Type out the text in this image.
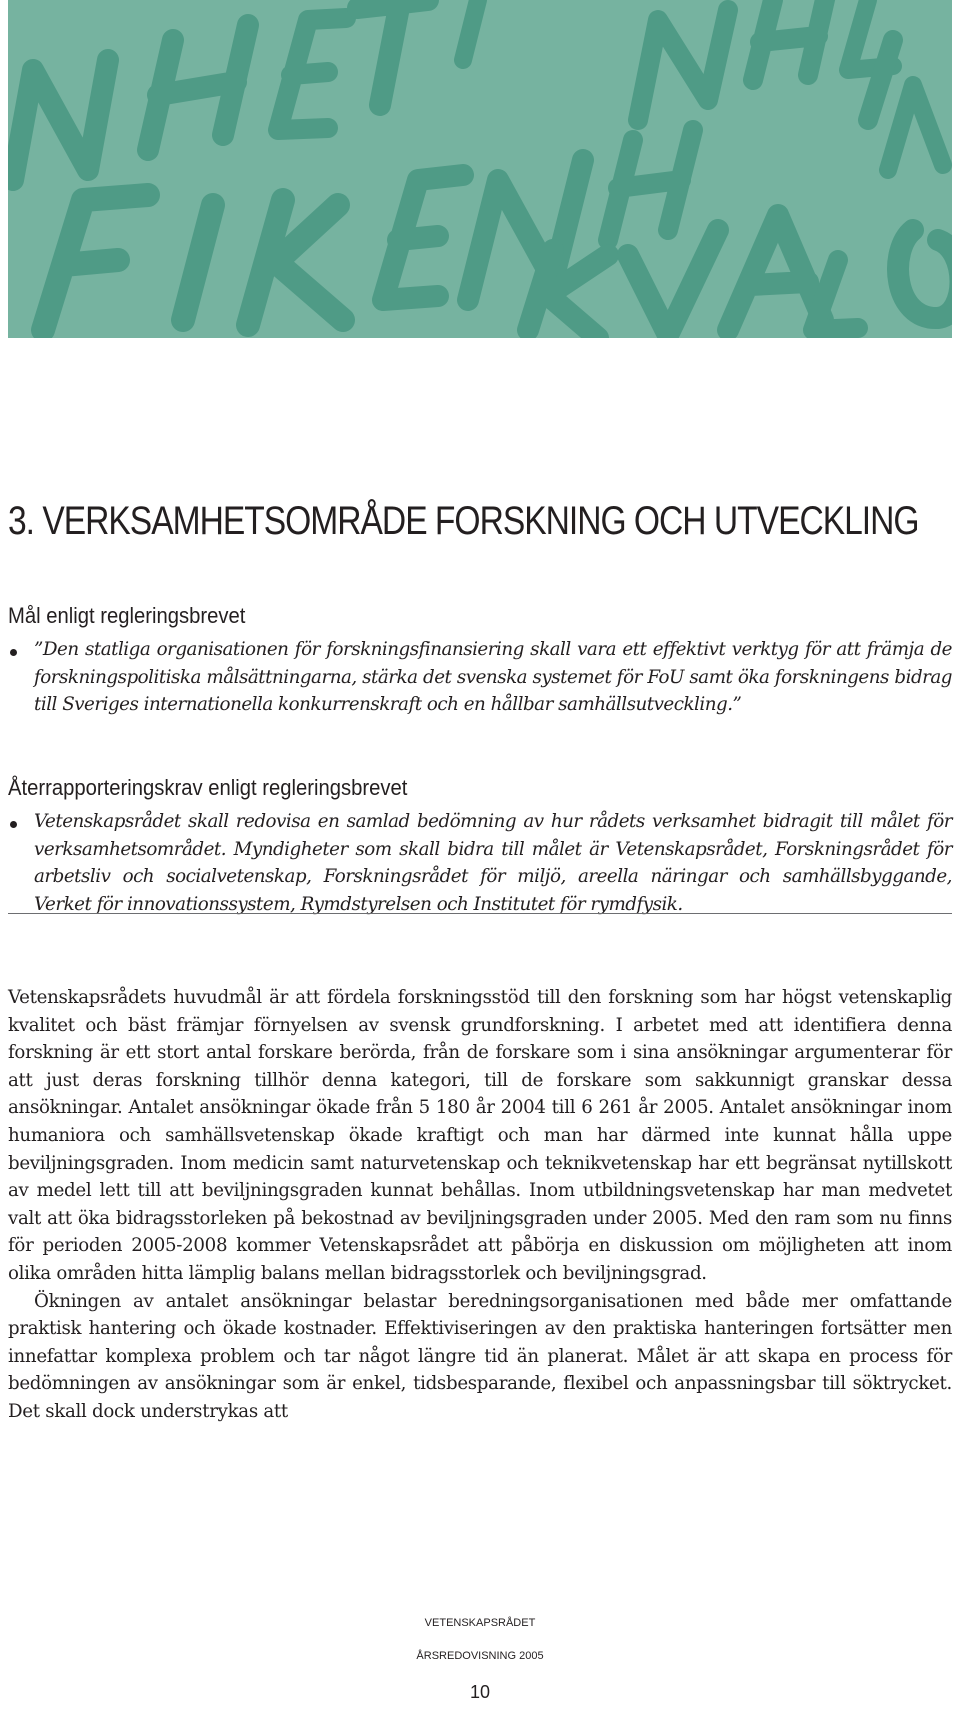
3. VERKSAMHETSOMRÅDE FORSKNING OCH UTVECKLING
Mål enligt regleringsbrevet

”Den statliga organisationen för forskningsfinansiering skall vara ett effektivt verktyg för att främja de forskningspolitiska målsättningarna, stärka det svenska systemet för FoU samt öka forskningens bidrag till Sveriges internationella konkurrenskraft och en hållbar samhällsutveckling.”

Återrapporteringskrav enligt regleringsbrevet

Vetenskapsrådet skall redovisa en samlad bedömning av hur rådets verksamhet bidragit till målet för verksamhetsområdet. Myndigheter som skall bidra till målet är Vetenskapsrådet, Forskningsrådet för arbetsliv och socialvetenskap, Forskningsrådet för miljö, areella näringar och samhällsbyggande, Verket för innovationssystem, Rymdstyrelsen och Institutet för rymdfysik.

Vetenskapsrådets huvudmål är att fördela forskningsstöd till den forskning som har högst vetenskaplig kvalitet och bäst främjar förnyelsen av svensk grundforskning. I arbetet med att identifiera denna forskning är ett stort antal forskare berörda, från de forskare som i sina ansökningar argumenterar för att just deras forskning tillhör denna kategori, till de forskare som sakkunnigt granskar dessa ansökningar. Antalet ansökningar ökade från 5 180 år 2004 till 6 261 år 2005. Antalet ansökningar inom humaniora och samhällsvetenskap ökade kraftigt och man har därmed inte kunnat hålla uppe beviljningsgraden. Inom medicin samt naturvetenskap och teknikvetenskap har ett begränsat nytillskott av medel lett till att beviljningsgraden kunnat behållas. Inom utbildningsvetenskap har man medvetet valt att öka bidragsstorleken på bekostnad av beviljningsgraden under 2005. Med den ram som nu finns för perioden 2005-2008 kommer Vetenskapsrådet att påbörja en diskussion om möjligheten att inom olika områden hitta lämplig balans mellan bidragsstorlek och beviljningsgrad.

Ökningen av antalet ansökningar belastar beredningsorganisationen med både mer omfattande praktisk hantering och ökade kostnader. Effektiviseringen av den praktiska hanteringen fortsätter men innefattar komplexa problem och tar något längre tid än planerat. Målet är att skapa en process för bedömningen av ansökningar som är enkel, tidsbesparande, flexibel och anpassningsbar till söktrycket. Det skall dock understrykas att

VETENSKAPSRÅDET

ÅRSREDOVISNING 2005

10
